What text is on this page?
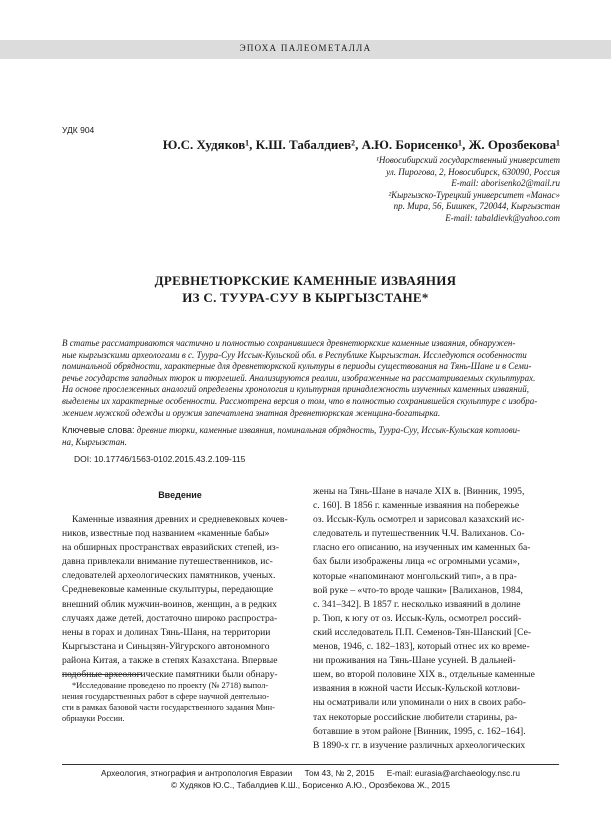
ЭПОХА ПАЛЕОМЕТАЛЛА
УДК 904
Ю.С. Худяков¹, К.Ш. Табалдиев², А.Ю. Борисенко¹, Ж. Орозбекова¹
¹Новосибирский государственный университет
ул. Пирогова, 2, Новосибирск, 630090, Россия
E-mail: aborisenko2@mail.ru
²Кыргызско-Турецкий университет «Манас»
пр. Мира, 56, Бишкек, 720044, Кыргызстан
E-mail: tabaldievk@yahoo.com
ДРЕВНЕТЮРКСКИЕ КАМЕННЫЕ ИЗВАЯНИЯ
ИЗ С. ТУУРА-СУУ В КЫРГЫЗСТАНЕ*
В статье рассматриваются частично и полностью сохранившиеся древнетюркские каменные изваяния, обнаружен-
ные кыргызскими археологами в с. Туура-Суу Иссык-Кульской обл. в Республике Кыргызстан. Исследуются особенности
поминальной обрядности, характерные для древнетюркской культуры в периоды существования на Тянь-Шане и в Семи-
речье государств западных тюрок и тюргешей. Анализируются реалии, изображенные на рассматриваемых скульптурах.
На основе прослеженных аналогий определены хронология и культурная принадлежность изученных каменных изваяний,
выделены их характерные особенности. Рассмотрена версия о том, что в полностью сохранившейся скульптуре с изобра-
жением мужской одежды и оружия запечатлена знатная древнетюркская женщина-богатырка.
Ключевые слова: древние тюрки, каменные изваяния, поминальная обрядность, Туура-Суу, Иссык-Кульская котлови-
на, Кыргызстан.
DOI: 10.17746/1563-0102.2015.43.2.109-115
Введение
Каменные изваяния древних и средневековых кочев-
ников, известные под названием «каменные бабы»
на обширных пространствах евразийских степей, из-
давна привлекали внимание путешественников, ис-
следователей археологических памятников, ученых.
Средневековые каменные скульптуры, передающие
внешний облик мужчин-воинов, женщин, а в редких
случаях даже детей, достаточно широко распростра-
нены в горах и долинах Тянь-Шаня, на территории
Кыргызстана и Синьцзян-Уйгурского автономного
района Китая, а также в степях Казахстана. Впервые
подобные археологические памятники были обнару-
жены на Тянь-Шане в начале XIX в. [Винник, 1995,
с. 160]. В 1856 г. каменные изваяния на побережье
оз. Иссык-Куль осмотрел и зарисовал казахский ис-
следователь и путешественник Ч.Ч. Валиханов. Со-
гласно его описанию, на изученных им каменных ба-
бах были изображены лица «с огромными усами»,
которые «напоминают монгольский тип», а в пра-
вой руке – «что-то вроде чашки» [Валиханов, 1984,
с. 341–342]. В 1857 г. несколько изваяний в долине
р. Тюп, к югу от оз. Иссык-Куль, осмотрел россий-
ский исследователь П.П. Семенов-Тян-Шанский [Се-
менов, 1946, с. 182–183], который отнес их ко време-
ни проживания на Тянь-Шане усуней. В дальней-
шем, во второй половине XIX в., отдельные каменные
изваяния в южной части Иссык-Кульской котлови-
ны осматривали или упоминали о них в своих рабо-
тах некоторые российские любители старины, ра-
ботавшие в этом районе [Винник, 1995, с. 162–164].
В 1890-х гг. в изучение различных археологических
*Исследование проведено по проекту (№ 2718) выпол-
нения государственных работ в сфере научной деятельно-
сти в рамках базовой части государственного задания Мин-
обрнауки России.
Археология, этнография и антропология Евразии Том 43, № 2, 2015 E-mail: eurasia@archaeology.nsc.ru
© Худяков Ю.С., Табалдиев К.Ш., Борисенко А.Ю., Орозбекова Ж., 2015
